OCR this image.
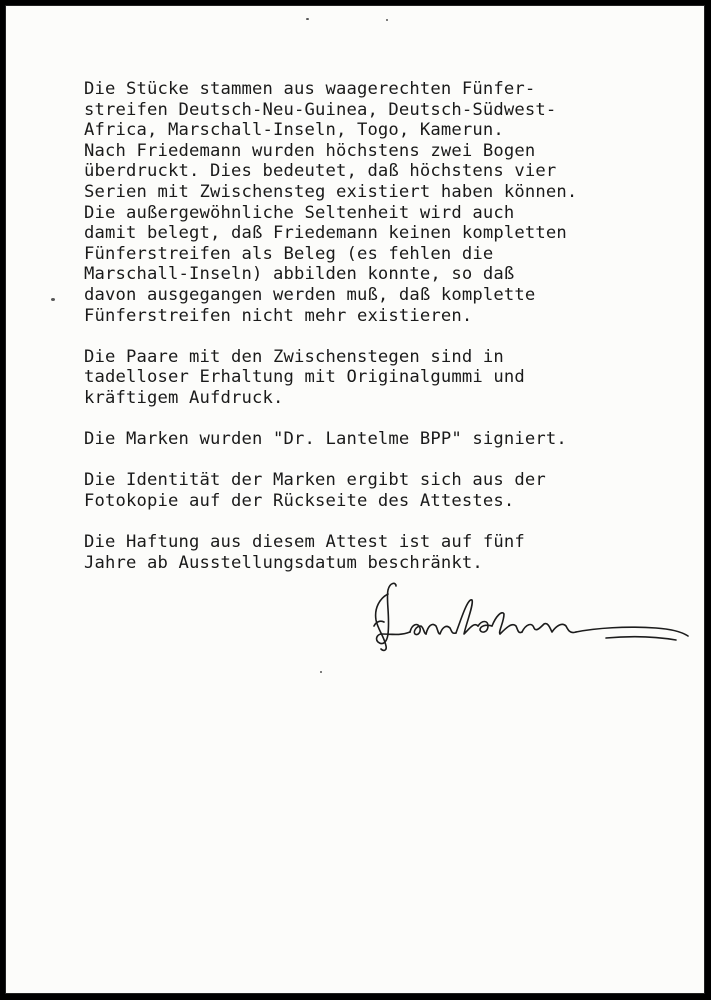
Die Stücke stammen aus waagerechten Fünfer-
streifen Deutsch-Neu-Guinea, Deutsch-Südwest-
Africa, Marschall-Inseln, Togo, Kamerun.
Nach Friedemann wurden höchstens zwei Bogen
überdruckt. Dies bedeutet, daß höchstens vier
Serien mit Zwischensteg existiert haben können.
Die außergewöhnliche Seltenheit wird auch
damit belegt, daß Friedemann keinen kompletten
Fünferstreifen als Beleg (es fehlen die
Marschall-Inseln) abbilden konnte, so daß
davon ausgegangen werden muß, daß komplette
Fünferstreifen nicht mehr existieren.
Die Paare mit den Zwischenstegen sind in
tadelloser Erhaltung mit Originalgummi und
kräftigem Aufdruck.
Die Marken wurden "Dr. Lantelme BPP" signiert.
Die Identität der Marken ergibt sich aus der
Fotokopie auf der Rückseite des Attestes.
Die Haftung aus diesem Attest ist auf fünf
Jahre ab Ausstellungsdatum beschränkt.
